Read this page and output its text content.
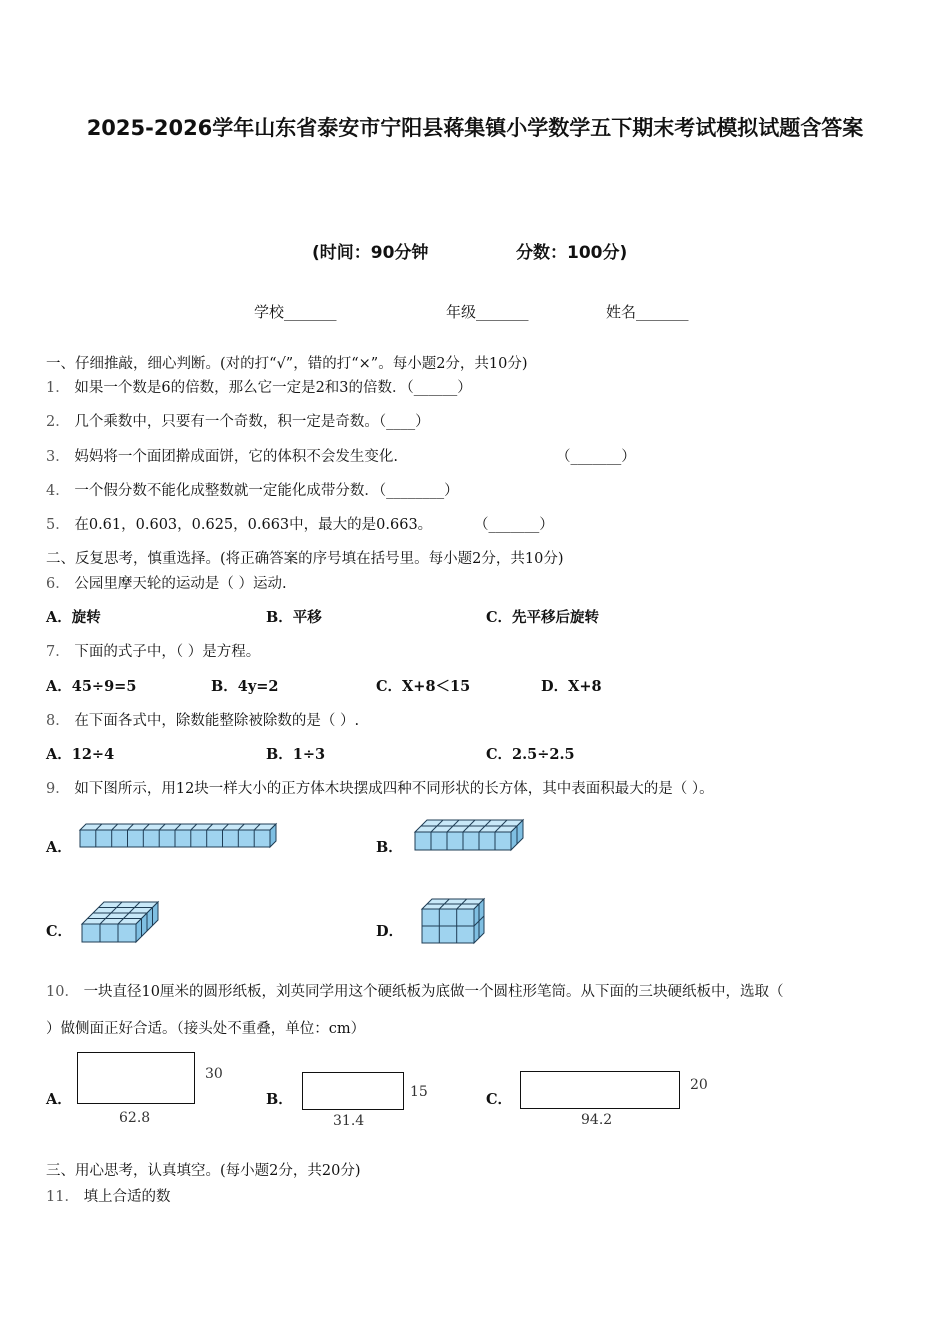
2025-2026学年山东省泰安市宁阳县蒋集镇小学数学五下期末考试模拟试题含答案
(时间：90分钟	分数：100分)
学校_______	年级_______	姓名_______
一、仔细推敲，细心判断。(对的打“√”，错的打“×”。每小题2分，共10分)
1． 如果一个数是6的倍数，那么它一定是2和3的倍数．（______）
2． 几个乘数中，只要有一个奇数，积一定是奇数。（____）
3． 妈妈将一个面团擀成面饼，它的体积不会发生变化.	（_______）
4． 一个假分数不能化成整数就一定能化成带分数．（________）
5． 在0.61，0.603，0.625，0.663中，最大的是0.663。	（_______）
二、反复思考，慎重选择。(将正确答案的序号填在括号里。每小题2分，共10分)
6． 公园里摩天轮的运动是（ ）运动.
A．旋转	B．平移	C．先平移后旋转
7． 下面的式子中，（ ）是方程。
A．45÷9=5	B．4y=2	C．X+8＜15	D．X+8
8． 在下面各式中，除数能整除被除数的是（ ）.
A．12÷4	B．1÷3	C．2.5÷2.5
9． 如下图所示，用12块一样大小的正方体木块摆成四种不同形状的长方体，其中表面积最大的是（ ）。
A．	B．
C．	D．
10． 一块直径10厘米的圆形纸板，刘英同学用这个硬纸板为底做一个圆柱形笔筒。从下面的三块硬纸板中，选取（
）做侧面正好合适。（接头处不重叠，单位：cm）
A．
62.8
30
B．
31.4
15	C．
94.2
20
三、用心思考，认真填空。(每小题2分，共20分)
11． 填上合适的数
